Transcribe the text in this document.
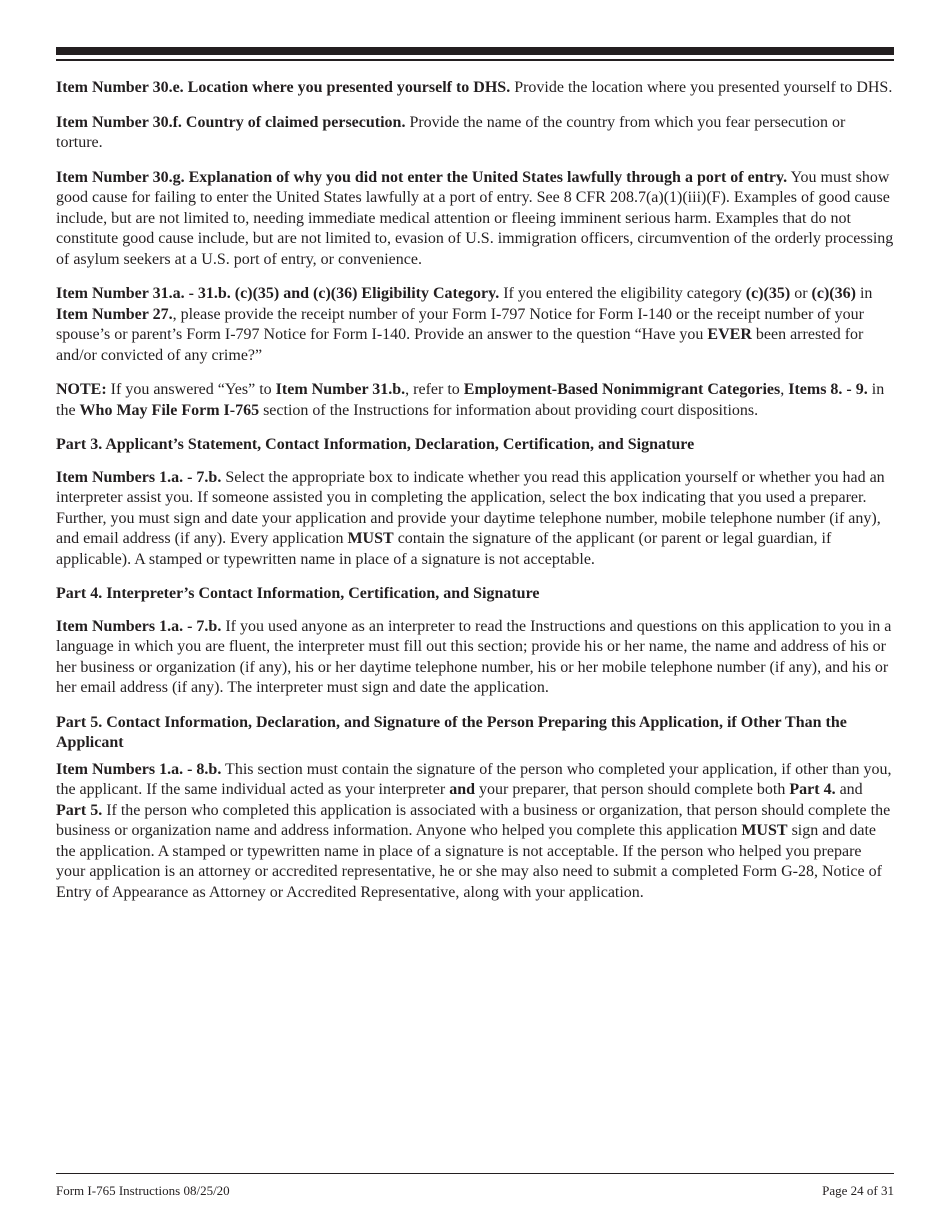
Item Number 30.e. Location where you presented yourself to DHS. Provide the location where you presented yourself to DHS.

Item Number 30.f. Country of claimed persecution. Provide the name of the country from which you fear persecution or torture.

Item Number 30.g. Explanation of why you did not enter the United States lawfully through a port of entry. You must show good cause for failing to enter the United States lawfully at a port of entry. See 8 CFR 208.7(a)(1)(iii)(F). Examples of good cause include, but are not limited to, needing immediate medical attention or fleeing imminent serious harm. Examples that do not constitute good cause include, but are not limited to, evasion of U.S. immigration officers, circumvention of the orderly processing of asylum seekers at a U.S. port of entry, or convenience.

Item Number 31.a. - 31.b. (c)(35) and (c)(36) Eligibility Category. If you entered the eligibility category (c)(35) or (c)(36) in Item Number 27., please provide the receipt number of your Form I-797 Notice for Form I-140 or the receipt number of your spouse’s or parent’s Form I-797 Notice for Form I-140. Provide an answer to the question “Have you EVER been arrested for and/or convicted of any crime?”

NOTE: If you answered “Yes” to Item Number 31.b., refer to Employment-Based Nonimmigrant Categories, Items 8. - 9. in the Who May File Form I-765 section of the Instructions for information about providing court dispositions.

Part 3. Applicant’s Statement, Contact Information, Declaration, Certification, and Signature

Item Numbers 1.a. - 7.b. Select the appropriate box to indicate whether you read this application yourself or whether you had an interpreter assist you. If someone assisted you in completing the application, select the box indicating that you used a preparer. Further, you must sign and date your application and provide your daytime telephone number, mobile telephone number (if any), and email address (if any). Every application MUST contain the signature of the applicant (or parent or legal guardian, if applicable). A stamped or typewritten name in place of a signature is not acceptable.

Part 4. Interpreter’s Contact Information, Certification, and Signature

Item Numbers 1.a. - 7.b. If you used anyone as an interpreter to read the Instructions and questions on this application to you in a language in which you are fluent, the interpreter must fill out this section; provide his or her name, the name and address of his or her business or organization (if any), his or her daytime telephone number, his or her mobile telephone number (if any), and his or her email address (if any). The interpreter must sign and date the application.

Part 5. Contact Information, Declaration, and Signature of the Person Preparing this Application, if Other Than the Applicant

Item Numbers 1.a. - 8.b. This section must contain the signature of the person who completed your application, if other than you, the applicant. If the same individual acted as your interpreter and your preparer, that person should complete both Part 4. and Part 5. If the person who completed this application is associated with a business or organization, that person should complete the business or organization name and address information. Anyone who helped you complete this application MUST sign and date the application. A stamped or typewritten name in place of a signature is not acceptable. If the person who helped you prepare your application is an attorney or accredited representative, he or she may also need to submit a completed Form G-28, Notice of Entry of Appearance as Attorney or Accredited Representative, along with your application.

Form I-765 Instructions 08/25/20	Page 24 of 31
